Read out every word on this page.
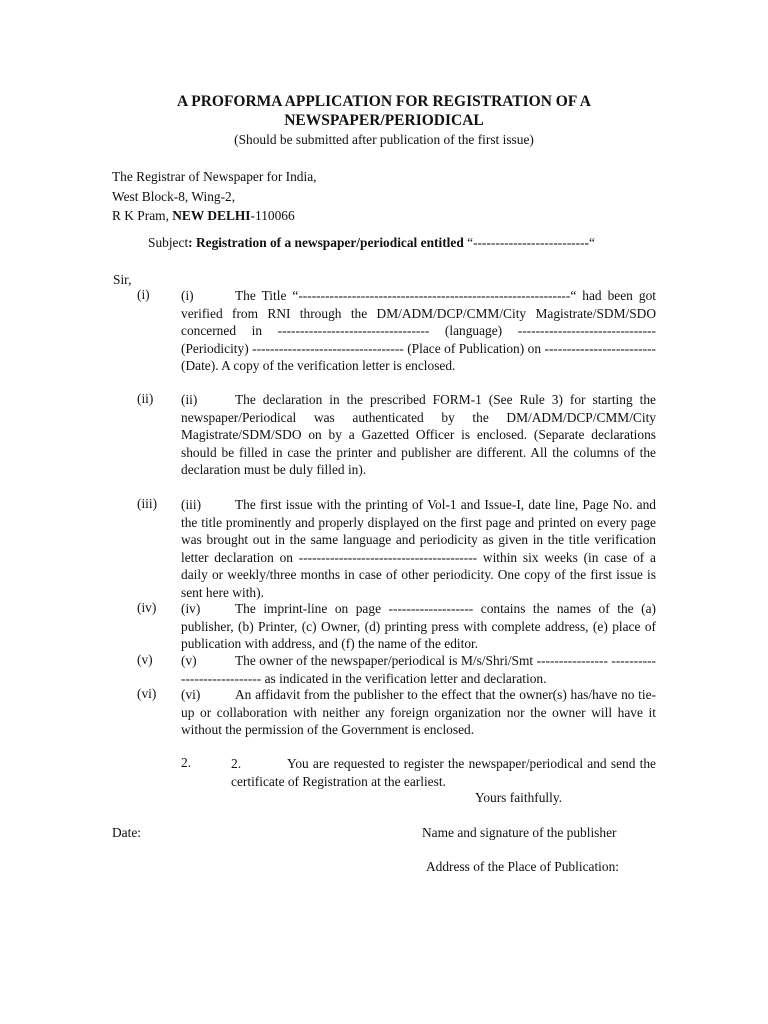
A PROFORMA APPLICATION FOR REGISTRATION OF A
NEWSPAPER/PERIODICAL
(Should be submitted after publication of the first issue)
The Registrar of Newspaper for India,
West Block-8, Wing-2,
R K Pram, NEW DELHI-110066
Subject: Registration of a newspaper/periodical entitled “--------------------------“
Sir,
(i) (i)	The Title “-------------------------------------------------------------“ had been got verified from RNI through the DM/ADM/DCP/CMM/City Magistrate/SDM/SDO concerned in ---------------------------------- (language) -------------------------------(Periodicity) ---------------------------------- (Place of Publication) on -------------------------(Date). A copy of the verification letter is enclosed.
(ii) (ii)	The declaration in the prescribed FORM-1 (See Rule 3) for starting the newspaper/Periodical was authenticated by the DM/ADM/DCP/CMM/City Magistrate/SDM/SDO on by a Gazetted Officer is enclosed. (Separate declarations should be filled in case the printer and publisher are different. All the columns of the declaration must be duly filled in).
(iii) (iii)	The first issue with the printing of Vol-1 and Issue-I, date line, Page No. and the title prominently and properly displayed on the first page and printed on every page was brought out in the same language and periodicity as given in the title verification letter declaration on ---------------------------------------- within six weeks (in case of a daily or weekly/three months in case of other periodicity. One copy of the first issue is sent here with).
(iv) (iv)	The imprint-line on page ------------------- contains the names of the (a) publisher, (b) Printer, (c) Owner, (d) printing press with complete address, (e) place of publication with address, and (f) the name of the editor.
(v) (v)	The owner of the newspaper/periodical is M/s/Shri/Smt ---------------- ---------------------------- as indicated in the verification letter and declaration.
(vi) (vi)	An affidavit from the publisher to the effect that the owner(s) has/have no tie-up or collaboration with neither any foreign organization nor the owner will have it without the permission of the Government is enclosed.
2.	2.	You are requested to register the newspaper/periodical and send the certificate of Registration at the earliest.
Yours faithfully.
Date:	Name and signature of the publisher
Address of the Place of Publication:
